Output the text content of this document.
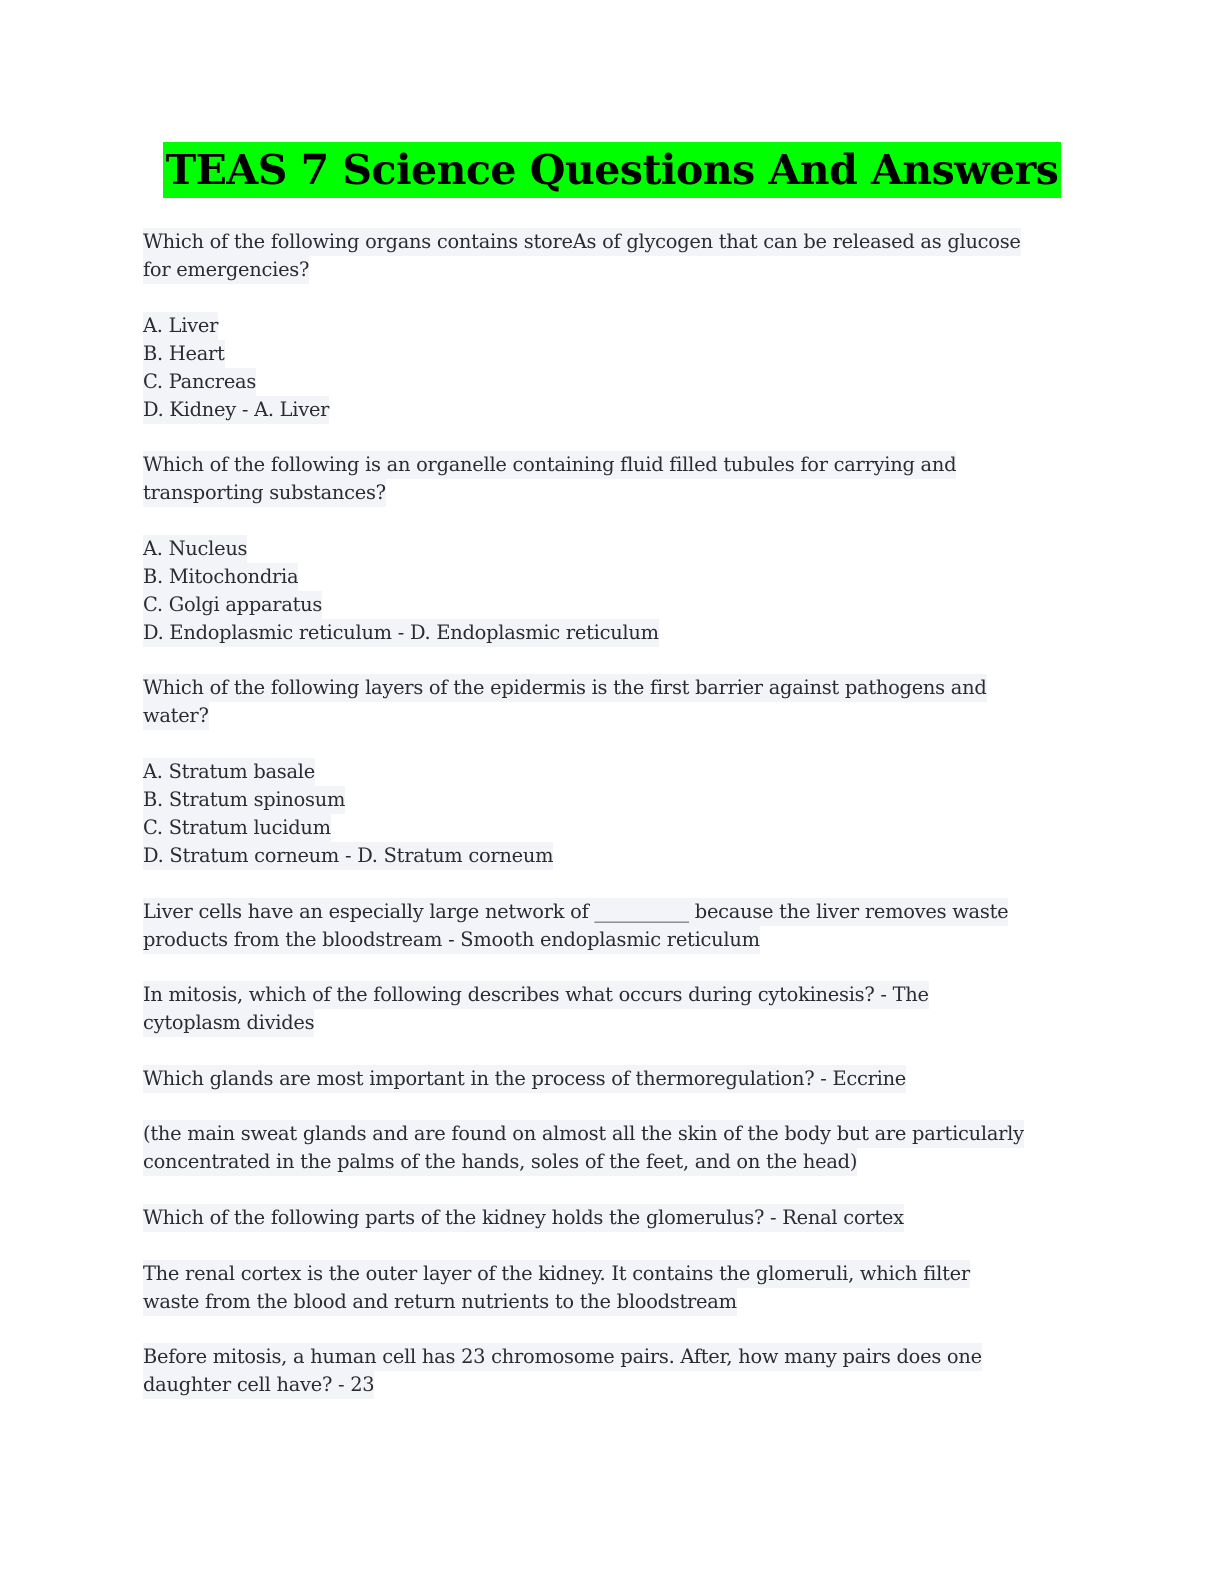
TEAS 7 Science Questions And Answers
Which of the following organs contains storeAs of glycogen that can be released as glucose
for emergencies?
A. Liver
B. Heart
C. Pancreas
D. Kidney - A. Liver
Which of the following is an organelle containing fluid filled tubules for carrying and
transporting substances?
A. Nucleus
B. Mitochondria
C. Golgi apparatus
D. Endoplasmic reticulum - D. Endoplasmic reticulum
Which of the following layers of the epidermis is the first barrier against pathogens and
water?
A. Stratum basale
B. Stratum spinosum
C. Stratum lucidum
D. Stratum corneum - D. Stratum corneum
Liver cells have an especially large network of __________ because the liver removes waste
products from the bloodstream - Smooth endoplasmic reticulum
In mitosis, which of the following describes what occurs during cytokinesis? - The
cytoplasm divides
Which glands are most important in the process of thermoregulation? - Eccrine
(the main sweat glands and are found on almost all the skin of the body but are particularly
concentrated in the palms of the hands, soles of the feet, and on the head)
Which of the following parts of the kidney holds the glomerulus? - Renal cortex
The renal cortex is the outer layer of the kidney. It contains the glomeruli, which filter
waste from the blood and return nutrients to the bloodstream
Before mitosis, a human cell has 23 chromosome pairs. After, how many pairs does one
daughter cell have? - 23
